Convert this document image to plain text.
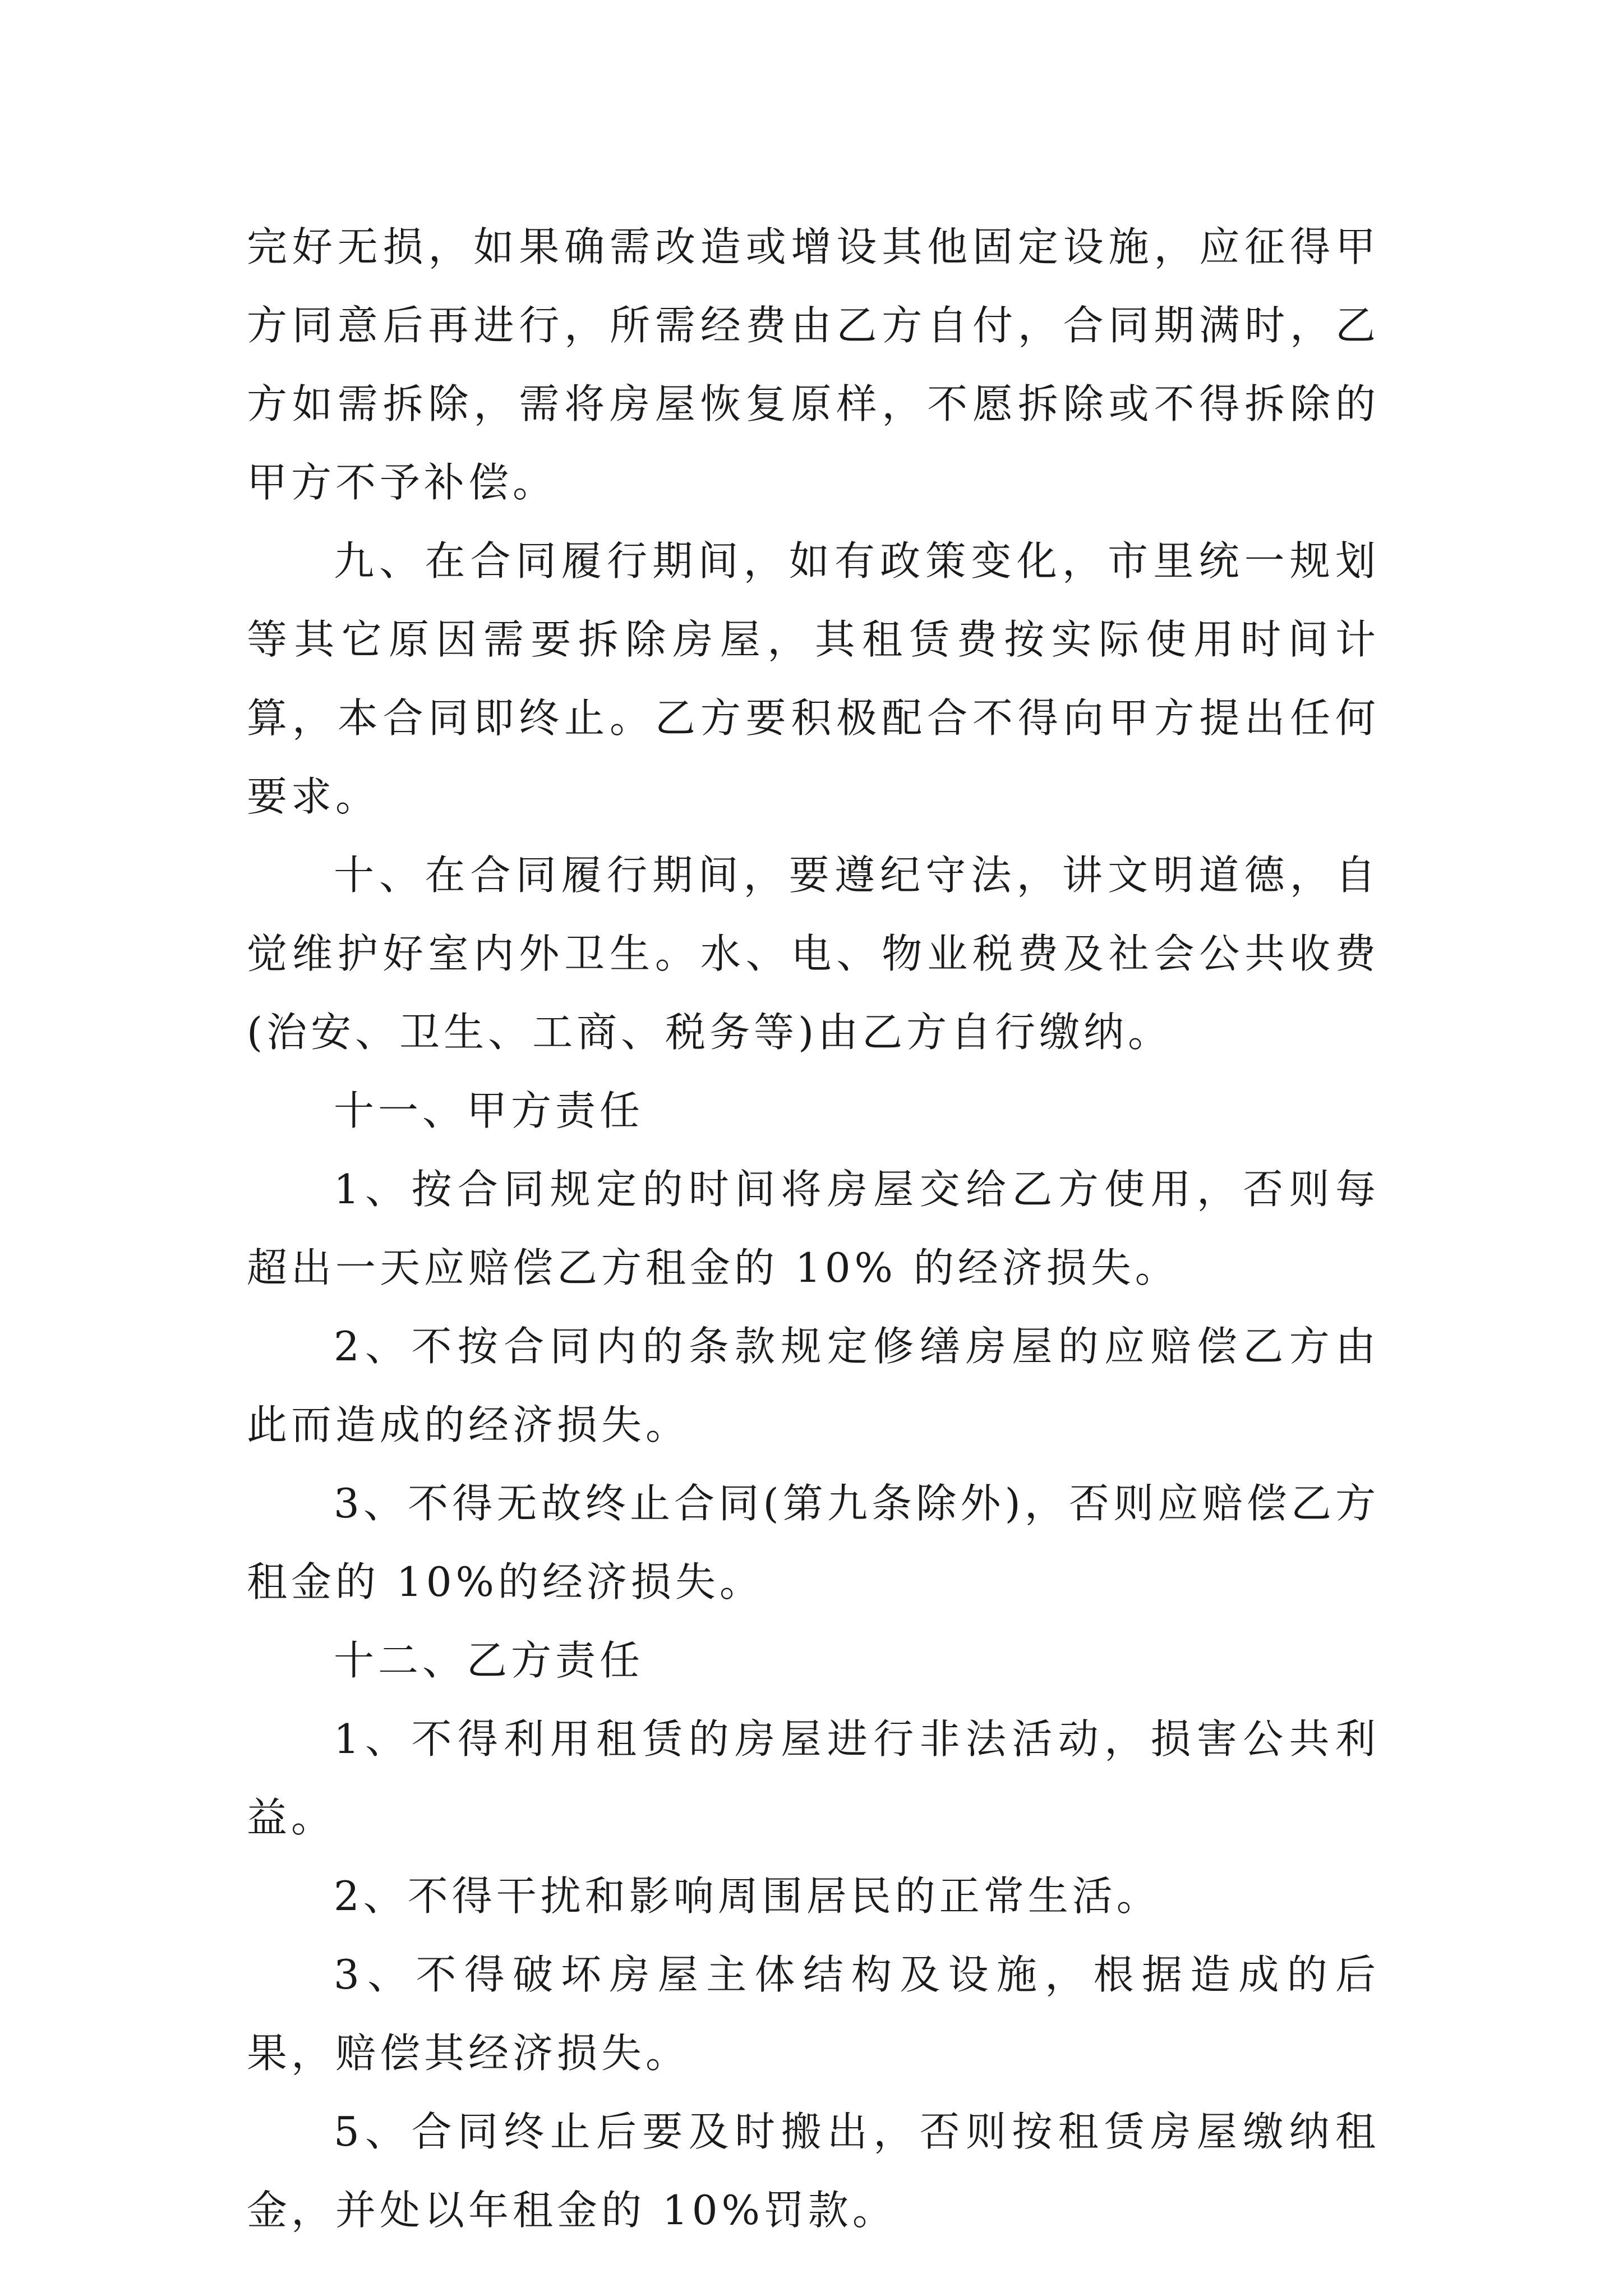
完好无损，如果确需改造或增设其他固定设施，应征得甲方同意后再进行，所需经费由乙方自付，合同期满时，乙方如需拆除，需将房屋恢复原样，不愿拆除或不得拆除的甲方不予补偿。

九、在合同履行期间，如有政策变化，市里统一规划等其它原因需要拆除房屋，其租赁费按实际使用时间计算，本合同即终止。乙方要积极配合不得向甲方提出任何要求。

十、在合同履行期间，要遵纪守法，讲文明道德，自觉维护好室内外卫生。水、电、物业税费及社会公共收费(治安、卫生、工商、税务等)由乙方自行缴纳。

十一、甲方责任

1、按合同规定的时间将房屋交给乙方使用，否则每超出一天应赔偿乙方租金的 10% 的经济损失。

2、不按合同内的条款规定修缮房屋的应赔偿乙方由此而造成的经济损失。

3、不得无故终止合同(第九条除外)，否则应赔偿乙方租金的 10%的经济损失。

十二、乙方责任

1、不得利用租赁的房屋进行非法活动，损害公共利益。

2、不得干扰和影响周围居民的正常生活。

3、不得破坏房屋主体结构及设施，根据造成的后果，赔偿其经济损失。

5、合同终止后要及时搬出，否则按租赁房屋缴纳租金，并处以年租金的 10%罚款。
